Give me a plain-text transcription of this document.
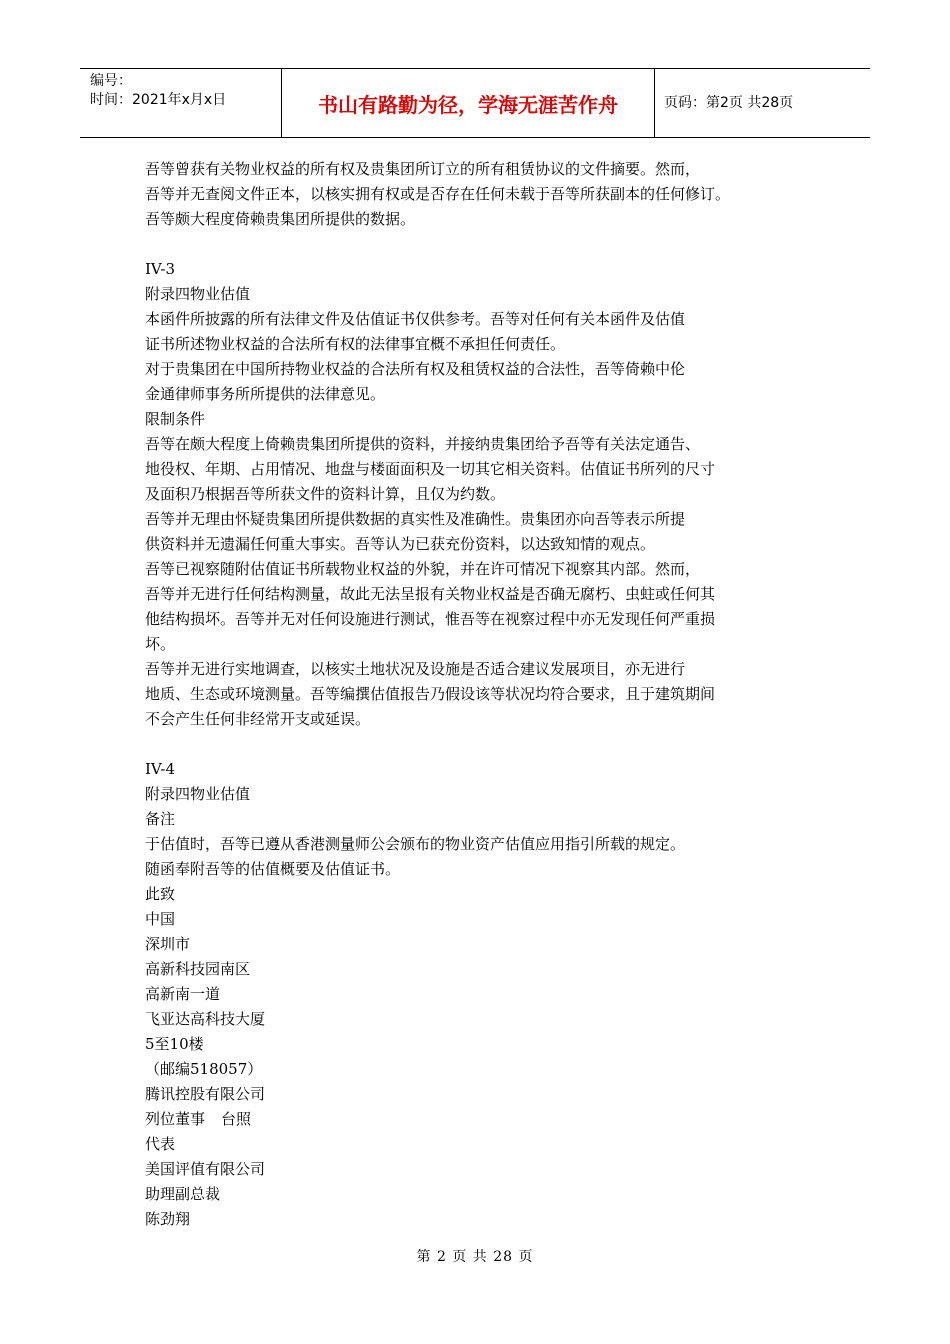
编号：
时间：2021年x月x日	书山有路勤为径，学海无涯苦作舟	页码：第2页 共28页
吾等曾获有关物业权益的所有权及贵集团所订立的所有租赁协议的文件摘要。然而，
吾等并无查阅文件正本，以核实拥有权或是否存在任何未载于吾等所获副本的任何修订。
吾等颇大程度倚赖贵集团所提供的数据。
IV-3
附录四物业估值
本函件所披露的所有法律文件及估值证书仅供参考。吾等对任何有关本函件及估值
证书所述物业权益的合法所有权的法律事宜概不承担任何责任。
对于贵集团在中国所持物业权益的合法所有权及租赁权益的合法性，吾等倚赖中伦
金通律师事务所所提供的法律意见。
限制条件
吾等在颇大程度上倚赖贵集团所提供的资料，并接纳贵集团给予吾等有关法定通告、
地役权、年期、占用情况、地盘与楼面面积及一切其它相关资料。估值证书所列的尺寸
及面积乃根据吾等所获文件的资料计算，且仅为约数。
吾等并无理由怀疑贵集团所提供数据的真实性及准确性。贵集团亦向吾等表示所提
供资料并无遗漏任何重大事实。吾等认为已获充份资料，以达致知情的观点。
吾等已视察随附估值证书所载物业权益的外貌，并在许可情况下视察其内部。然而，
吾等并无进行任何结构测量，故此无法呈报有关物业权益是否确无腐朽、虫蛀或任何其
他结构损坏。吾等并无对任何设施进行测试，惟吾等在视察过程中亦无发现任何严重损
坏。
吾等并无进行实地调查，以核实土地状况及设施是否适合建议发展项目，亦无进行
地质、生态或环境测量。吾等编撰估值报告乃假设该等状况均符合要求，且于建筑期间
不会产生任何非经常开支或延误。
IV-4
附录四物业估值
备注
于估值时，吾等已遵从香港测量师公会颁布的物业资产估值应用指引所载的规定。
随函奉附吾等的估值概要及估值证书。
此致
中国
深圳市
高新科技园南区
高新南一道
飞亚达高科技大厦
5至10楼
（邮编518057）
腾讯控股有限公司
列位董事 台照
代表
美国评值有限公司
助理副总裁
陈劲翔
第 2 页 共 28 页
